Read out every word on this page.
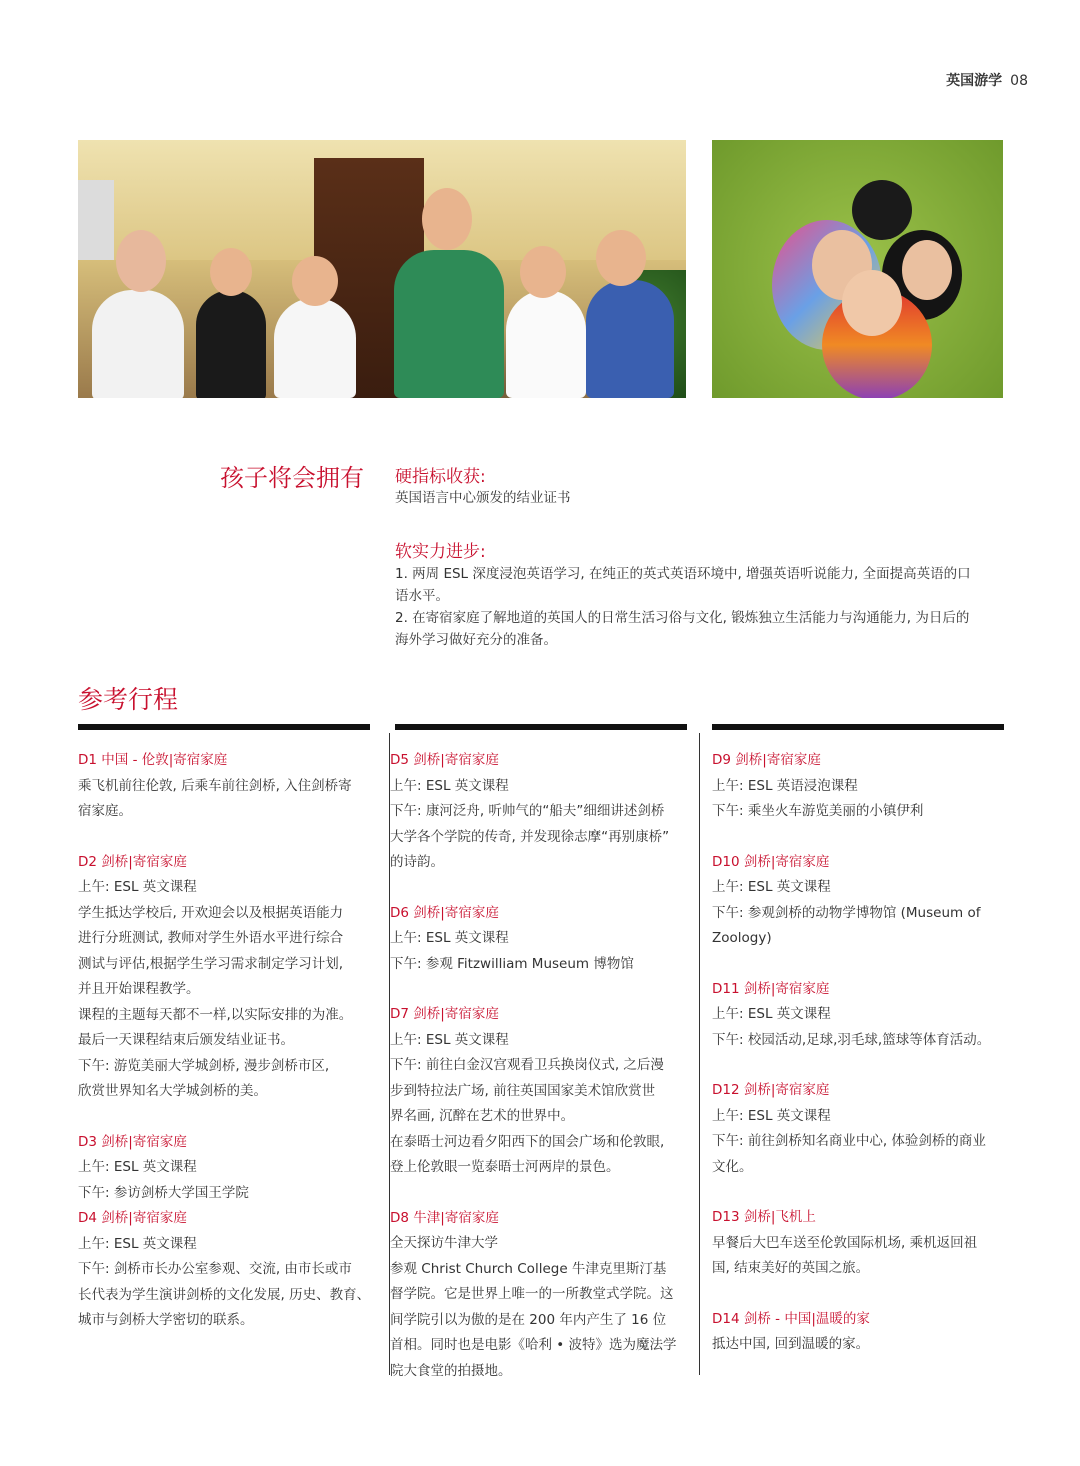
英国游学 08
孩子将会拥有 硬指标收获:
英国语言中心颁发的结业证书
软实力进步:
1. 两周 ESL 深度浸泡英语学习, 在纯正的英式英语环境中, 增强英语听说能力, 全面提高英语的口
语水平。
2. 在寄宿家庭了解地道的英国人的日常生活习俗与文化, 锻炼独立生活能力与沟通能力, 为日后的
海外学习做好充分的准备。
参考行程

D1 中国 - 伦敦|寄宿家庭

乘飞机前往伦敦, 后乘车前往剑桥, 入住剑桥寄

宿家庭。

D2 剑桥|寄宿家庭

上午: ESL 英文课程

学生抵达学校后, 开欢迎会以及根据英语能力

进行分班测试, 教师对学生外语水平进行综合

测试与评估,根据学生学习需求制定学习计划,

并且开始课程教学。

课程的主题每天都不一样,以实际安排的为准。

最后一天课程结束后颁发结业证书。

下午: 游览美丽大学城剑桥, 漫步剑桥市区,

欣赏世界知名大学城剑桥的美。

D3 剑桥|寄宿家庭

上午: ESL 英文课程

下午: 参访剑桥大学国王学院

D4 剑桥|寄宿家庭

上午: ESL 英文课程

下午: 剑桥市长办公室参观、交流, 由市长或市

长代表为学生演讲剑桥的文化发展, 历史、教育、

城市与剑桥大学密切的联系。

D5 剑桥|寄宿家庭

上午: ESL 英文课程

下午: 康河泛舟, 听帅气的“船夫”细细讲述剑桥

大学各个学院的传奇, 并发现徐志摩“再别康桥”

的诗韵。

D6 剑桥|寄宿家庭

上午: ESL 英文课程

下午: 参观 Fitzwilliam Museum 博物馆

D7 剑桥|寄宿家庭

上午: ESL 英文课程

下午: 前往白金汉宫观看卫兵换岗仪式, 之后漫

步到特拉法广场, 前往英国国家美术馆欣赏世

界名画, 沉醉在艺术的世界中。

在泰晤士河边看夕阳西下的国会广场和伦敦眼,

登上伦敦眼一览泰晤士河两岸的景色。

D8 牛津|寄宿家庭

全天探访牛津大学

参观 Christ Church College 牛津克里斯汀基

督学院。它是世界上唯一的一所教堂式学院。这

间学院引以为傲的是在 200 年内产生了 16 位

首相。同时也是电影《哈利 • 波特》选为魔法学

院大食堂的拍摄地。

D9 剑桥|寄宿家庭

上午: ESL 英语浸泡课程

下午: 乘坐火车游览美丽的小镇伊利

D10 剑桥|寄宿家庭

上午: ESL 英文课程

下午: 参观剑桥的动物学博物馆 (Museum of

Zoology)

D11 剑桥|寄宿家庭

上午: ESL 英文课程

下午: 校园活动,足球,羽毛球,篮球等体育活动。

D12 剑桥|寄宿家庭

上午: ESL 英文课程

下午: 前往剑桥知名商业中心, 体验剑桥的商业

文化。

D13 剑桥|飞机上

早餐后大巴车送至伦敦国际机场, 乘机返回祖

国, 结束美好的英国之旅。

D14 剑桥 - 中国|温暖的家

抵达中国, 回到温暖的家。
